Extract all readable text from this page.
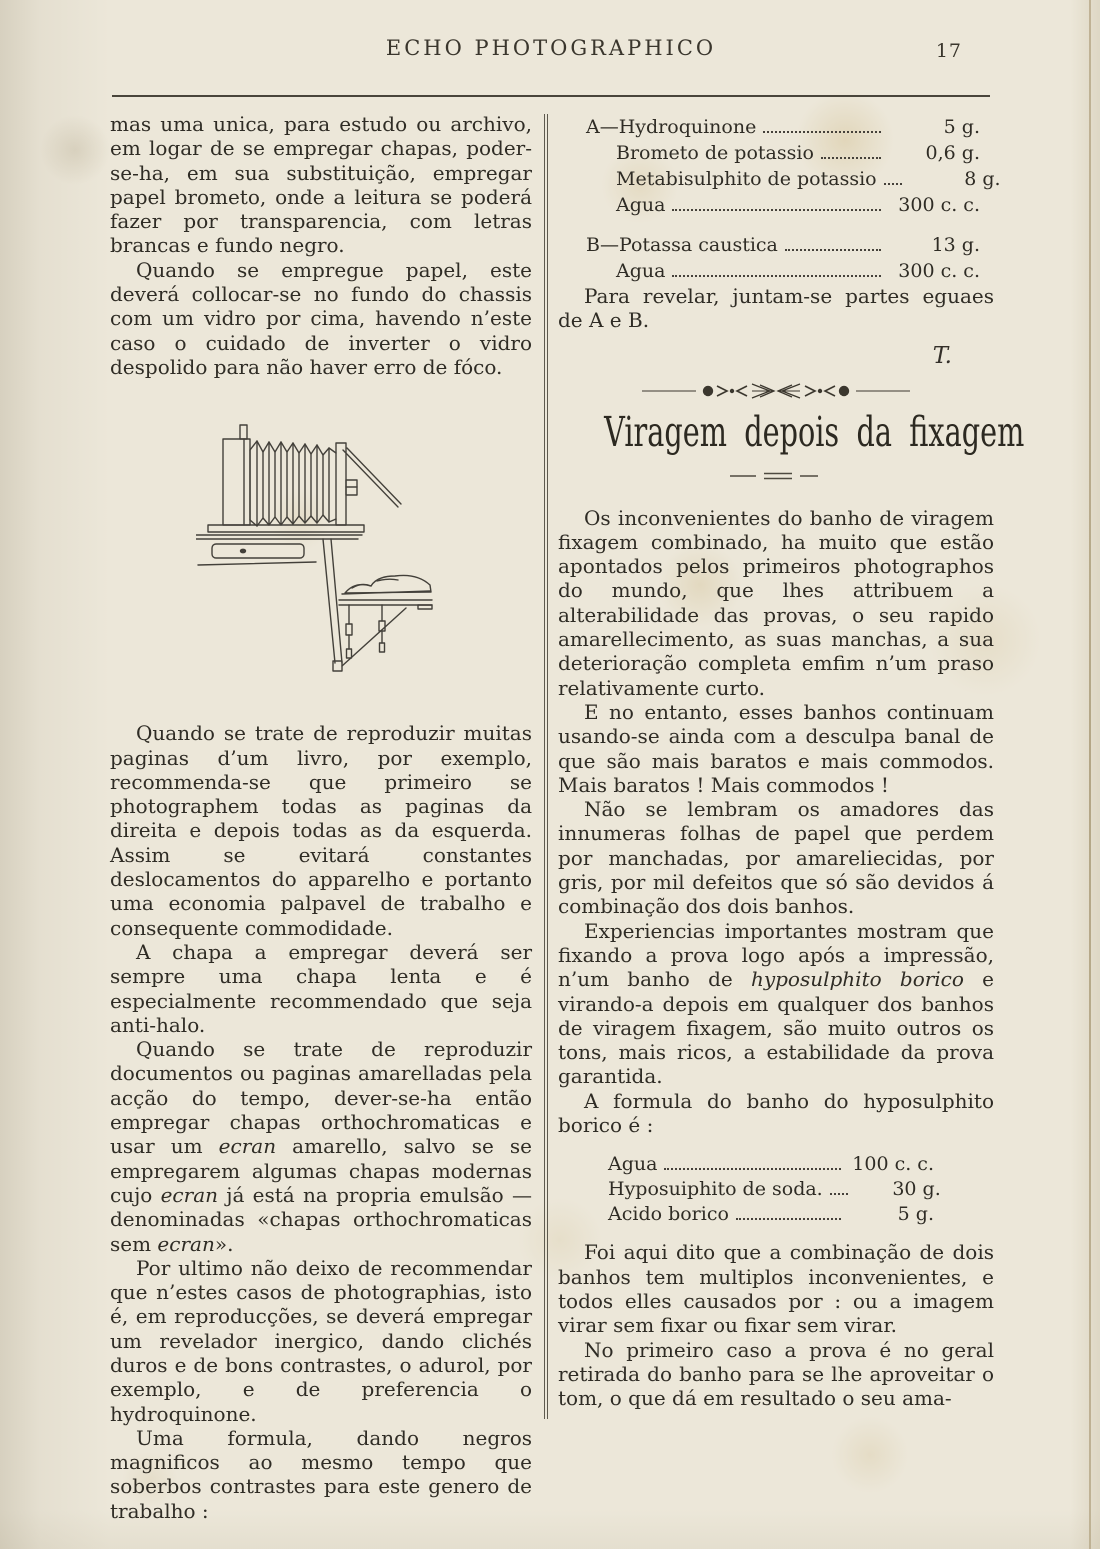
ECHO PHOTOGRAPHICO	17

mas uma unica, para estudo ou archivo, em logar de se empregar chapas, poder-se-ha, em sua substituição, empregar papel brometo, onde a leitura se poderá fazer por transparencia, com letras brancas e fundo negro.

Quando se empregue papel, este deverá collocar-se no fundo do chassis com um vidro por cima, havendo n’este caso o cuidado de inverter o vidro despolido para não haver erro de fóco.

Quando se trate de reproduzir muitas paginas d’um livro, por exemplo, recommenda-se que primeiro se photographem todas as paginas da direita e depois todas as da esquerda. Assim se evitará constantes deslocamentos do apparelho e portanto uma economia palpavel de trabalho e consequente commodidade.

A chapa a empregar deverá ser sempre uma chapa lenta e é especialmente recommendado que seja anti-halo.

Quando se trate de reproduzir documentos ou paginas amarelladas pela acção do tempo, dever-se-ha então empregar chapas orthochromaticas e usar um ecran amarello, salvo se se empregarem algumas chapas modernas cujo ecran já está na propria emulsão — denominadas «chapas orthochromaticas sem ecran».

Por ultimo não deixo de recommendar que n’estes casos de photographias, isto é, em reproducções, se deverá empregar um revelador inergico, dando clichés duros e de bons contrastes, o adurol, por exemplo, e de preferencia o hydroquinone.

Uma formula, dando negros magnificos ao mesmo tempo que soberbos contrastes para este genero de trabalho :

A—Hydroquinone	5 g.
Brometo de potassio	0,6 g.
Metabisulphito de potassio	8 g.
Agua	300 c. c.
B—Potassa caustica	13 g.
Agua	300 c. c.

Para revelar, juntam-se partes eguaes de A e B.

T.
Viragem depois da fixagem

Os inconvenientes do banho de viragem fixagem combinado, ha muito que estão apontados pelos primeiros photographos do mundo, que lhes attribuem a alterabilidade das provas, o seu rapido amarellecimento, as suas manchas, a sua deterioração completa emfim n’um praso relativamente curto.

E no entanto, esses banhos continuam usando-se ainda com a desculpa banal de que são mais baratos e mais commodos. Mais baratos ! Mais commodos !

Não se lembram os amadores das innumeras folhas de papel que perdem por manchadas, por amareliecidas, por gris, por mil defeitos que só são devidos á combinação dos dois banhos.

Experiencias importantes mostram que fixando a prova logo após a impressão, n’um banho de hyposulphito borico e virando-a depois em qualquer dos banhos de viragem fixagem, são muito outros os tons, mais ricos, a estabilidade da prova garantida.

A formula do banho do hyposulphito borico é :

Agua	100 c. c.
Hyposuiphito de soda.	30 g.
Acido borico	5 g.

Foi aqui dito que a combinação de dois banhos tem multiplos inconvenientes, e todos elles causados por : ou a imagem virar sem fixar ou fixar sem virar.

No primeiro caso a prova é no geral retirada do banho para se lhe aproveitar o tom, o que dá em resultado o seu ama-
